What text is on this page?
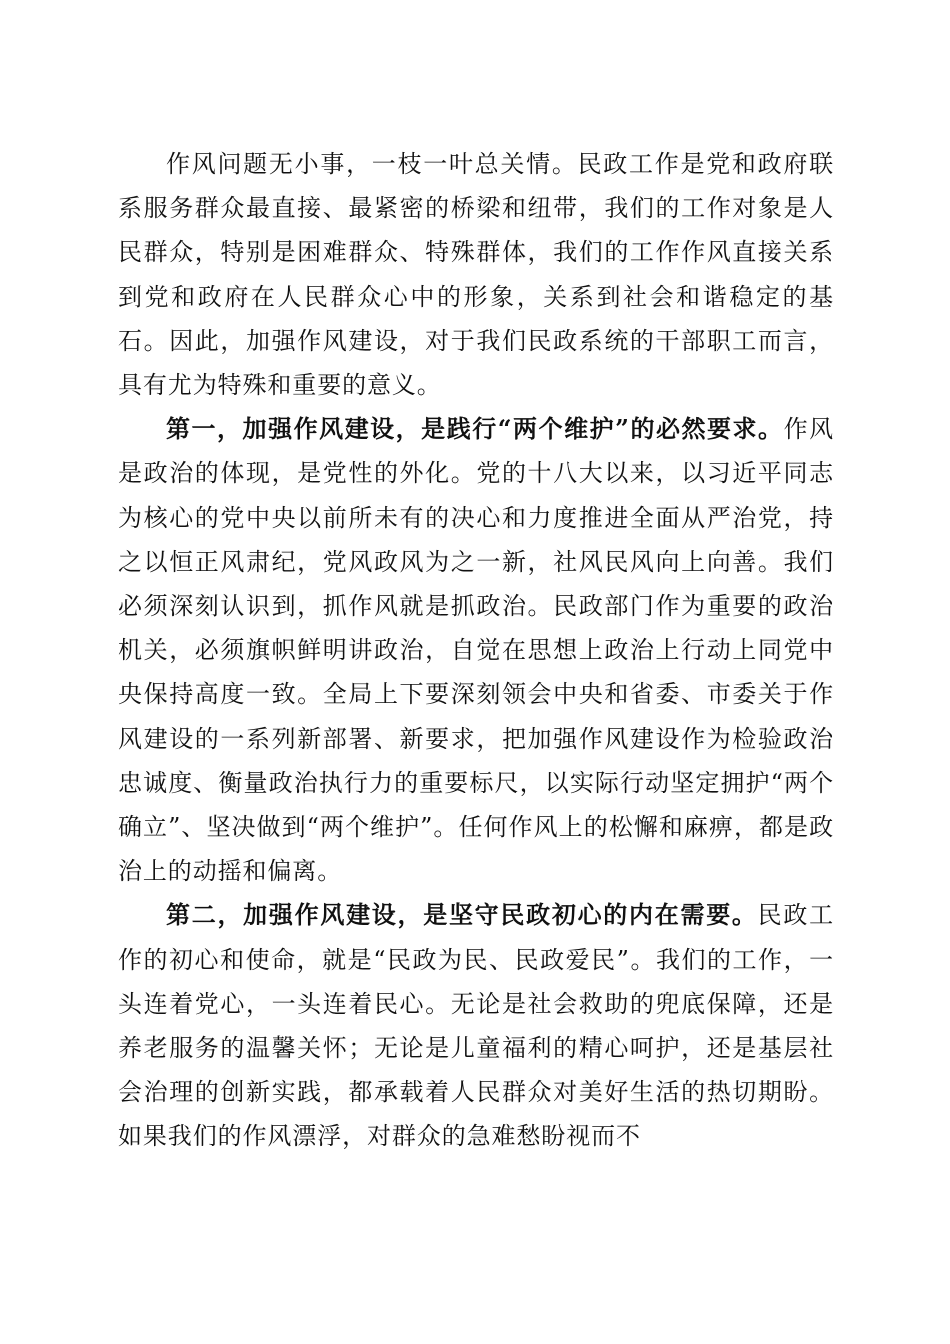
作风问题无小事，一枝一叶总关情。民政工作是党和政府联系服务群众最直接、最紧密的桥梁和纽带，我们的工作对象是人民群众，特别是困难群众、特殊群体，我们的工作作风直接关系到党和政府在人民群众心中的形象，关系到社会和谐稳定的基石。因此，加强作风建设，对于我们民政系统的干部职工而言，具有尤为特殊和重要的意义。

第一，加强作风建设，是践行“两个维护”的必然要求。作风是政治的体现，是党性的外化。党的十八大以来，以习近平同志为核心的党中央以前所未有的决心和力度推进全面从严治党，持之以恒正风肃纪，党风政风为之一新，社风民风向上向善。我们必须深刻认识到，抓作风就是抓政治。民政部门作为重要的政治机关，必须旗帜鲜明讲政治，自觉在思想上政治上行动上同党中央保持高度一致。全局上下要深刻领会中央和省委、市委关于作风建设的一系列新部署、新要求，把加强作风建设作为检验政治忠诚度、衡量政治执行力的重要标尺，以实际行动坚定拥护“两个确立”、坚决做到“两个维护”。任何作风上的松懈和麻痹，都是政治上的动摇和偏离。

第二，加强作风建设，是坚守民政初心的内在需要。民政工作的初心和使命，就是“民政为民、民政爱民”。我们的工作，一头连着党心，一头连着民心。无论是社会救助的兜底保障，还是养老服务的温馨关怀；无论是儿童福利的精心呵护，还是基层社会治理的创新实践，都承载着人民群众对美好生活的热切期盼。如果我们的作风漂浮，对群众的急难愁盼视而不
